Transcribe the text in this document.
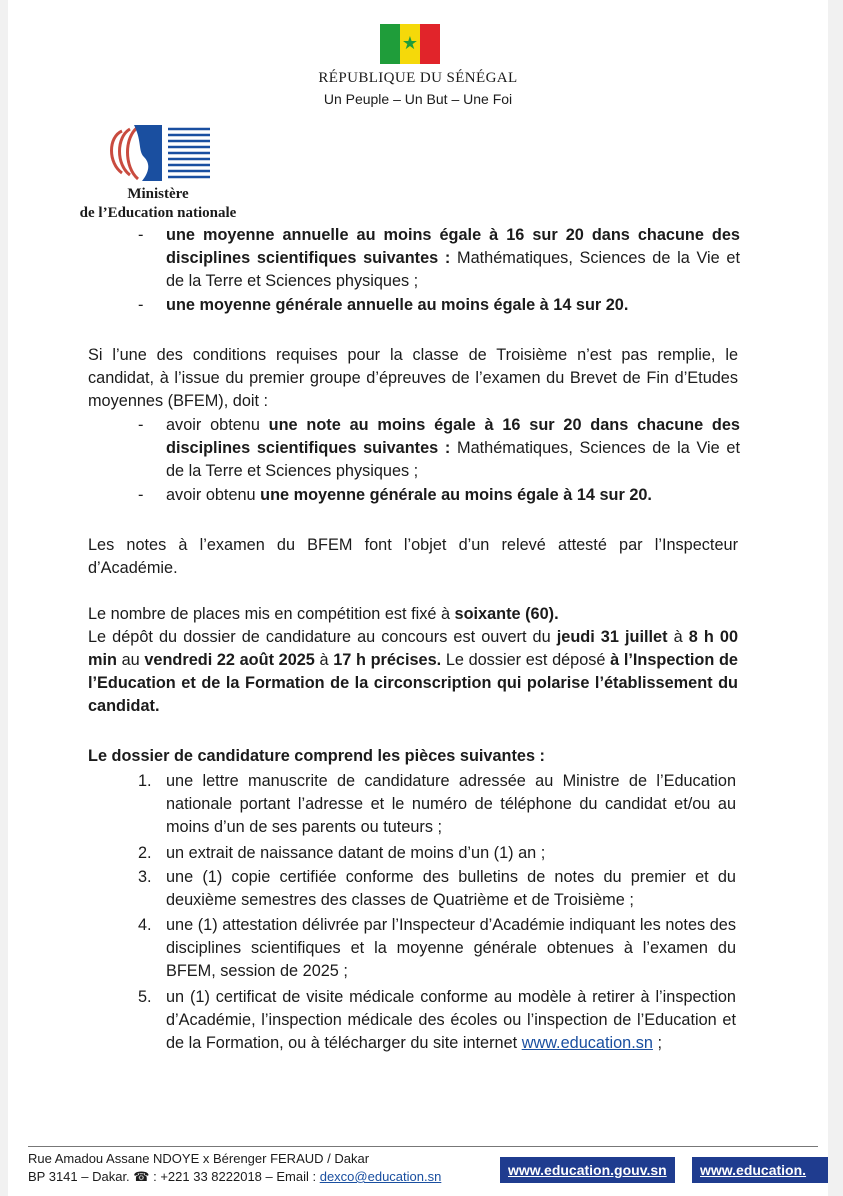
★
RÉPUBLIQUE DU SÉNÉGAL
Un Peuple – Un But – Une Foi
Ministère
de l’Education nationale
-	une moyenne annuelle au moins égale à 16 sur 20 dans chacune des disciplines scientifiques suivantes : Mathématiques, Sciences de la Vie et de la Terre et Sciences physiques ;
-	une moyenne générale annuelle au moins égale à 14 sur 20.
Si l’une des conditions requises pour la classe de Troisième n’est pas remplie, le candidat, à l’issue du premier groupe d’épreuves de l’examen du Brevet de Fin d’Etudes moyennes (BFEM), doit :
-	avoir obtenu une note au moins égale à 16 sur 20 dans chacune des disciplines scientifiques suivantes : Mathématiques, Sciences de la Vie et de la Terre et Sciences physiques ;
-	avoir obtenu une moyenne générale au moins égale à 14 sur 20.
Les notes à l’examen du BFEM font l’objet d’un relevé attesté par l’Inspecteur d’Académie.
Le nombre de places mis en compétition est fixé à soixante (60).
Le dépôt du dossier de candidature au concours est ouvert du jeudi 31 juillet à 8 h 00 min au vendredi 22 août 2025 à 17 h précises. Le dossier est déposé à l’Inspection de l’Education et de la Formation de la circonscription qui polarise l’établissement du candidat.
Le dossier de candidature comprend les pièces suivantes :
1. une lettre manuscrite de candidature adressée au Ministre de l’Education nationale portant l’adresse et le numéro de téléphone du candidat et/ou au moins d’un de ses parents ou tuteurs ;
2. un extrait de naissance datant de moins d’un (1) an ;
3. une (1) copie certifiée conforme des bulletins de notes du premier et du deuxième semestres des classes de Quatrième et de Troisième ;
4. une (1) attestation délivrée par l’Inspecteur d’Académie indiquant les notes des disciplines scientifiques et la moyenne générale obtenues à l’examen du BFEM, session de 2025 ;
5. un (1) certificat de visite médicale conforme au modèle à retirer à l’inspection d’Académie, l’inspection médicale des écoles ou l’inspection de l’Education et de la Formation, ou à télécharger du site internet www.education.sn ;
Rue Amadou Assane NDOYE x Bérenger FERAUD / Dakar
BP 3141 – Dakar. ☎ : +221 33 8222018 – Email : dexco@education.sn	www.education.gouv.sn	www.education.
